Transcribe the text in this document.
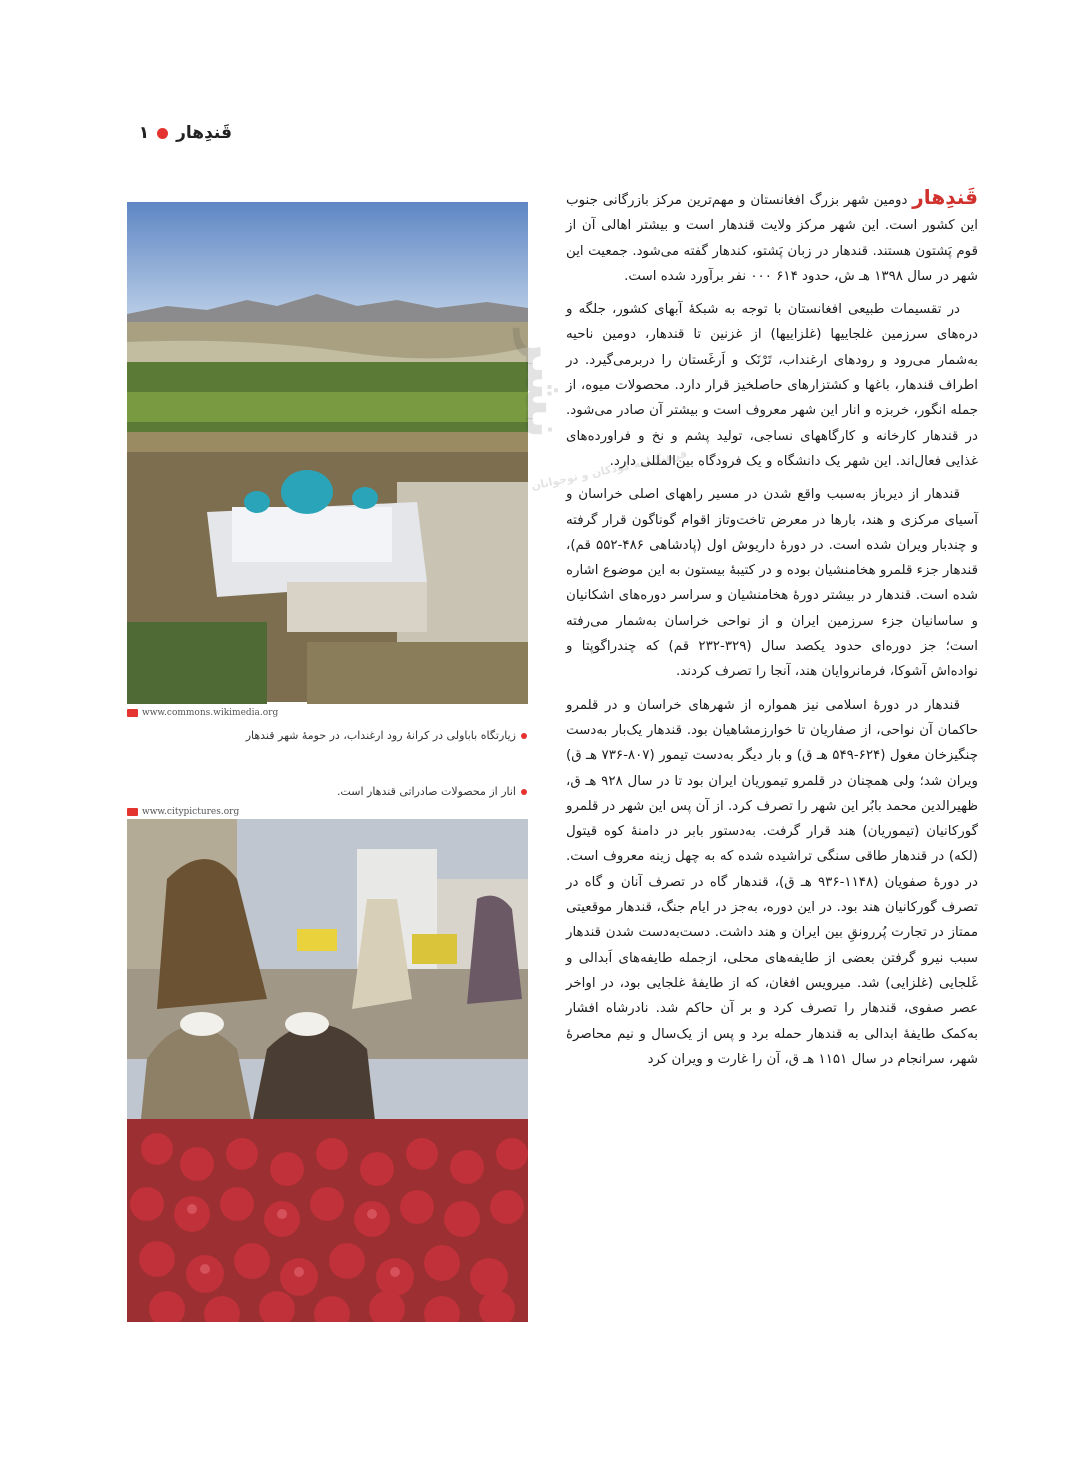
قَندِهار
۱
www.commons.wikimedia.org
زیارتگاه باباولی در کرانهٔ رود ارغنداب، در حومهٔ شهر قندهار
انار از محصولات صادراتی قندهار است.
www.citypictures.org
نشر
فرهنگنامه کودکان و نوجوانان

قَندِهار دومین شهر بزرگ افغانستان و مهم‌ترین مرکز بازرگانی جنوب این کشور است. این شهر مرکز ولایت قندهار است و بیشتر اهالی آن از قوم پَشتون هستند. قندهار در زبان پَشتو، کندهار گفته می‌شود. جمعیت این شهر در سال ۱۳۹۸ هـ ش، حدود ۶۱۴ ۰۰۰ نفر برآورد شده است.

در تقسیمات طبیعی افغانستان با توجه به شبکهٔ آبهای کشور، جلگه و دره‌های سرزمین غلجاییها (غلزاییها) از غزنین تا قندهار، دومین ناحیه به‌شمار می‌رود و رودهای ارغنداب، تَرْنَک و اَرغَستان را دربرمی‌گیرد. در اطراف قندهار، باغها و کشتزارهای حاصلخیز قرار دارد. محصولات میوه، از جمله انگور، خربزه و انار این شهر معروف است و بیشتر آن صادر می‌شود. در قندهار کارخانه و کارگاههای نساجی، تولید پشم و نخ و فراورده‌های غذایی فعال‌اند. این شهر یک دانشگاه و یک فرودگاه بین‌المللی دارد.

قندهار از دیرباز به‌سبب واقع شدن در مسیر راههای اصلی خراسان و آسیای مرکزی و هند، بارها در معرض تاخت‌وتاز اقوام گوناگون قرار گرفته و چندبار ویران شده است. در دورهٔ داریوش اول (پادشاهی ۴۸۶-۵۵۲ قم)، قندهار جزء قلمرو هخامنشیان بوده و در کتیبهٔ بیستون به این موضوع اشاره شده است. قندهار در بیشتر دورهٔ هخامنشیان و سراسر دوره‌های اشکانیان و ساسانیان جزء سرزمین ایران و از نواحی خراسان به‌شمار می‌رفته است؛ جز دوره‌ای حدود یکصد سال (۳۲۹-۲۳۲ قم) که چندراگوپتا و نواده‌اش آشوکا، فرمانروایان هند، آنجا را تصرف کردند.

قندهار در دورهٔ اسلامی نیز همواره از شهرهای خراسان و در قلمرو حاکمان آن نواحی، از صفاریان تا خوارزمشاهیان بود. قندهار یک‌بار به‌دست چنگیزخان مغول (۶۲۴-۵۴۹ هـ ق) و بار دیگر به‌دست تیمور (۸۰۷-۷۳۶ هـ ق) ویران شد؛ ولی همچنان در قلمرو تیموریان ایران بود تا در سال ۹۲۸ هـ ق، ظهیرالدین محمد بابُر این شهر را تصرف کرد. از آن پس این شهر در قلمرو گورکانیان (تیموریان) هند قرار گرفت. به‌دستور بابر در دامنهٔ کوه قیتول (لکه) در قندهار طاقی سنگی تراشیده شده که به چهل زینه معروف است. در دورهٔ صفویان (۱۱۴۸-۹۳۶ هـ ق)، قندهار گاه در تصرف آنان و گاه در تصرف گورکانیان هند بود. در این دوره، به‌جز در ایام جنگ، قندهار موقعیتی ممتاز در تجارت پُررونقِ بین ایران و هند داشت. دست‌به‌دست شدن قندهار سبب نیرو گرفتن بعضی از طایفه‌های محلی، ازجمله طایفه‌های اَبدالی و غَلجایی (غلزایی) شد. میرویس افغان، که از طایفهٔ غلجایی بود، در اواخر عصر صفوی، قندهار را تصرف کرد و بر آن حاکم شد. نادرشاه افشار به‌کمک طایفهٔ ابدالی به قندهار حمله برد و پس از یک‌سال و نیم محاصرهٔ شهر، سرانجام در سال ۱۱۵۱ هـ ق، آن را غارت و ویران کرد
